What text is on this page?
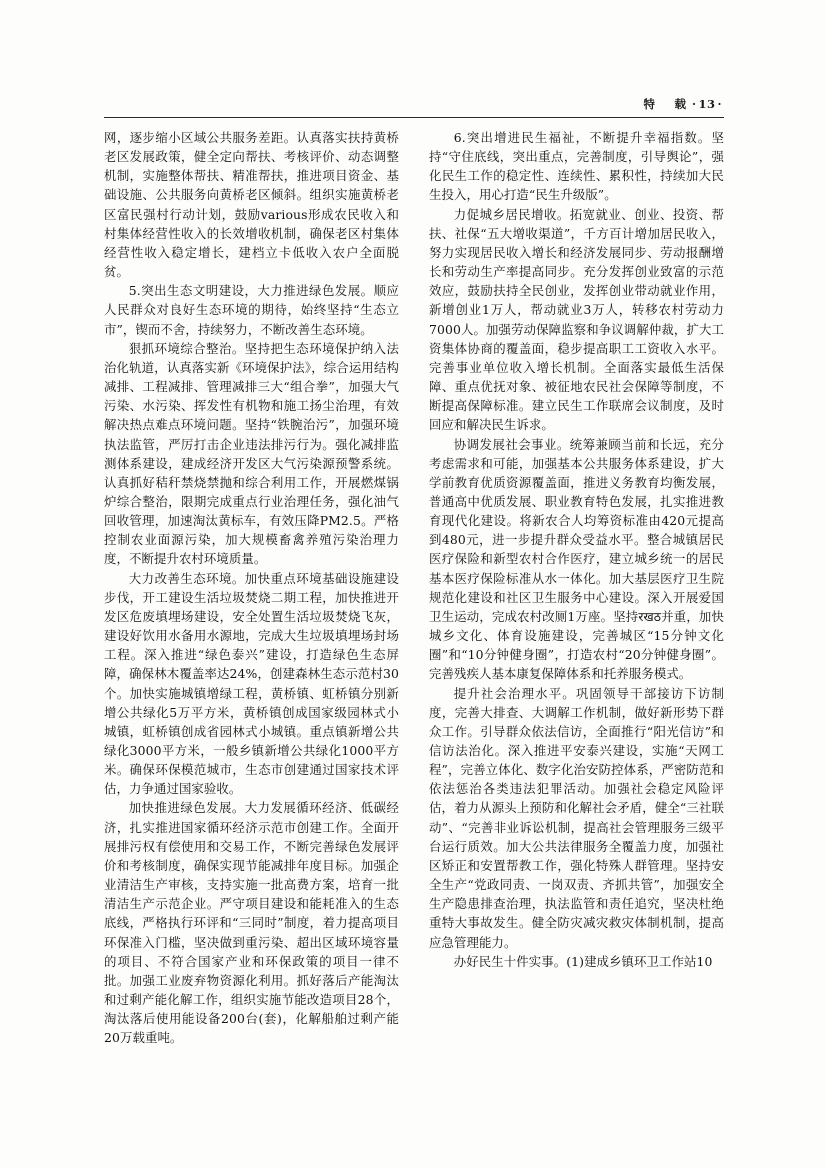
特　载 · 13 ·

网，逐步缩小区域公共服务差距。认真落实扶持黄桥老区发展政策，健全定向帮扶、考核评价、动态调整机制，实施整体帮扶、精准帮扶，推进项目资金、基础设施、公共服务向黄桥老区倾斜。组织实施黄桥老区富民强村行动计划，鼓励various形成农民收入和村集体经营性收入的长效增收机制，确保老区村集体经营性收入稳定增长，建档立卡低收入农户全面脱贫。

5.突出生态文明建设，大力推进绿色发展。顺应人民群众对良好生态环境的期待，始终坚持“生态立市”，锲而不舍，持续努力，不断改善生态环境。

狠抓环境综合整治。坚持把生态环境保护纳入法治化轨道，认真落实新《环境保护法》，综合运用结构减排、工程减排、管理减排三大“组合拳”，加强大气污染、水污染、挥发性有机物和施工扬尘治理，有效解决热点难点环境问题。坚持“铁腕治污”，加强环境执法监管，严厉打击企业违法排污行为。强化减排监测体系建设，建成经济开发区大气污染源预警系统。认真抓好秸秆禁烧禁抛和综合利用工作，开展燃煤锅炉综合整治，限期完成重点行业治理任务，强化油气回收管理，加速淘汰黄标车，有效压降PM2.5。严格控制农业面源污染，加大规模畜禽养殖污染治理力度，不断提升农村环境质量。

大力改善生态环境。加快重点环境基础设施建设步伐，开工建设生活垃圾焚烧二期工程，加快推进开发区危废填埋场建设，安全处置生活垃圾焚烧飞灰，建设好饮用水备用水源地，完成大生垃圾填埋场封场工程。深入推进“绿色泰兴”建设，打造绿色生态屏障，确保林木覆盖率达24%，创建森林生态示范村30个。加快实施城镇增绿工程，黄桥镇、虹桥镇分别新增公共绿化5万平方米，黄桥镇创成国家级园林式小城镇，虹桥镇创成省园林式小城镇。重点镇新增公共绿化3000平方米，一般乡镇新增公共绿化1000平方米。确保环保模范城市，生态市创建通过国家技术评估，力争通过国家验收。

加快推进绿色发展。大力发展循环经济、低碳经济，扎实推进国家循环经济示范市创建工作。全面开展排污权有偿使用和交易工作，不断完善绿色发展评价和考核制度，确保实现节能减排年度目标。加强企业清洁生产审核，支持实施一批高费方案，培育一批清洁生产示范企业。严守项目建设和能耗准入的生态底线，严格执行环评和“三同时”制度，着力提高项目环保准入门槛，坚决做到重污染、超出区域环境容量的项目、不符合国家产业和环保政策的项目一律不批。加强工业废弃物资源化利用。抓好落后产能淘汰和过剩产能化解工作，组织实施节能改造项目28个，淘汰落后使用能设备200台(套)，化解船舶过剩产能20万载重吨。

6.突出增进民生福祉，不断提升幸福指数。坚持“守住底线，突出重点，完善制度，引导舆论”，强化民生工作的稳定性、连续性、累积性，持续加大民生投入，用心打造“民生升级版”。

力促城乡居民增收。拓宽就业、创业、投资、帮扶、社保“五大增收渠道”，千方百计增加居民收入，努力实现居民收入增长和经济发展同步、劳动报酬增长和劳动生产率提高同步。充分发挥创业致富的示范效应，鼓励扶持全民创业，发挥创业带动就业作用，新增创业1万人，帮动就业3万人，转移农村劳动力7000人。加强劳动保障监察和争议调解仲裁，扩大工资集体协商的覆盖面，稳步提高职工工资收入水平。完善事业单位收入增长机制。全面落实最低生活保障、重点优抚对象、被征地农民社会保障等制度，不断提高保障标准。建立民生工作联席会议制度，及时回应和解决民生诉求。

协调发展社会事业。统筹兼顾当前和长远，充分考虑需求和可能，加强基本公共服务体系建设，扩大学前教育优质资源覆盖面，推进义务教育均衡发展，普通高中优质发展、职业教育特色发展，扎实推进教育现代化建设。将新农合人均筹资标准由420元提高到480元，进一步提升群众受益水平。整合城镇居民医疗保险和新型农村合作医疗，建立城乡统一的居民基本医疗保险标准从水一体化。加大基层医疗卫生院规范化建设和社区卫生服务中心建设。深入开展爱国卫生运动，完成农村改厕1万座。坚持रखठ并重，加快城乡文化、体育设施建设，完善城区“15分钟文化圈”和“10分钟健身圈”，打造农村“20分钟健身圈”。完善残疾人基本康复保障体系和托养服务模式。

提升社会治理水平。巩固领导干部接访下访制度，完善大排查、大调解工作机制，做好新形势下群众工作。引导群众依法信访，全面推行“阳光信访”和信访法治化。深入推进平安泰兴建设，实施“天网工程”，完善立体化、数字化治安防控体系，严密防范和依法惩治各类违法犯罪活动。加强社会稳定风险评估，着力从源头上预防和化解社会矛盾，健全“三社联动”、“完善非业诉讼机制，提高社会管理服务三级平台运行质效。加大公共法律服务全覆盖力度，加强社区矫正和安置帮教工作，强化特殊人群管理。坚持安全生产“党政同责、一岗双责、齐抓共管”，加强安全生产隐患排查治理，执法监管和责任追究，坚决杜绝重特大事故发生。健全防灾减灾救灾体制机制，提高应急管理能力。

办好民生十件实事。(1)建成乡镇环卫工作站10
